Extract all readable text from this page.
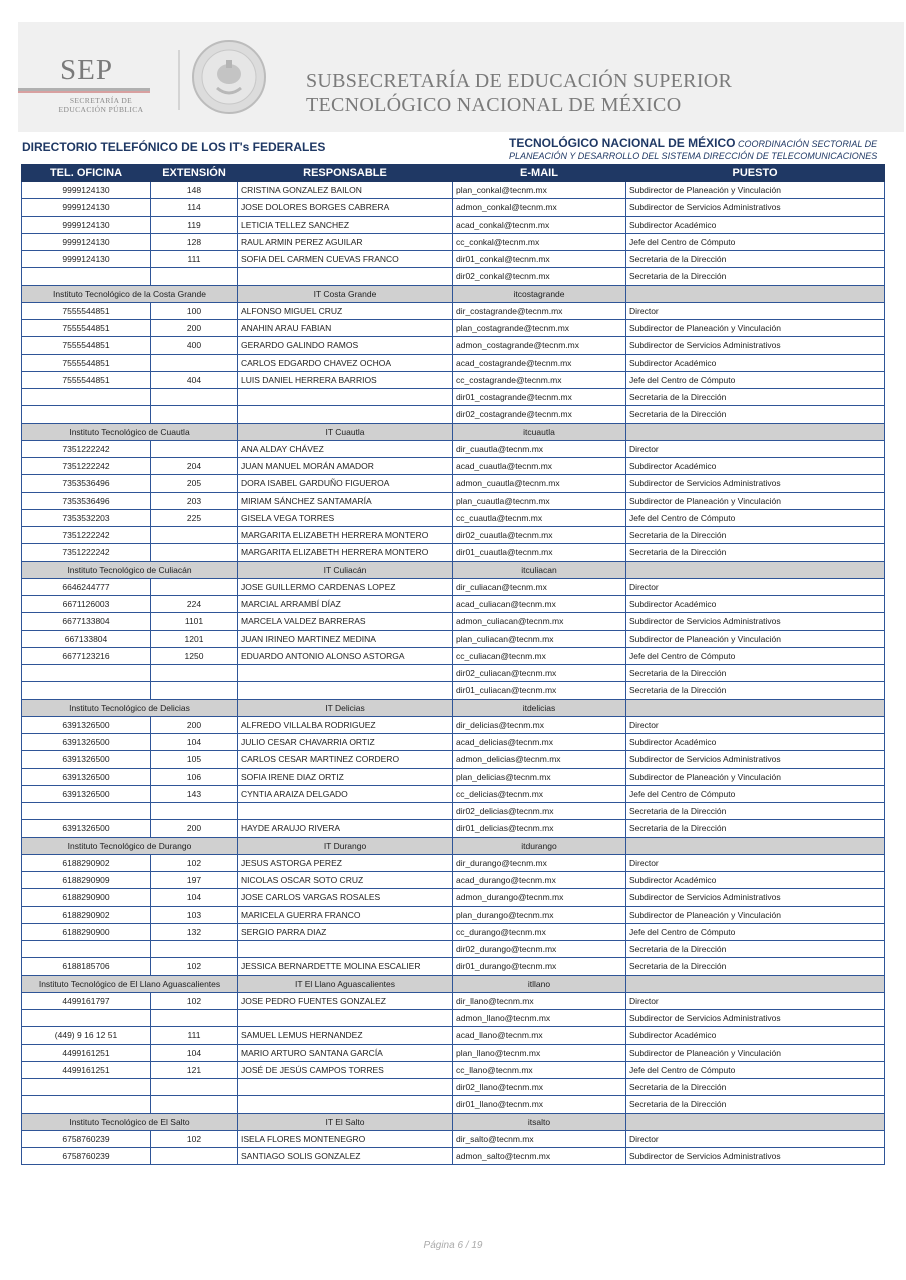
SEP
SECRETARÍA DE
EDUCACIÓN PÚBLICA
SUBSECRETARÍA DE EDUCACIÓN SUPERIOR
TECNOLÓGICO NACIONAL DE MÉXICO
DIRECTORIO TELEFÓNICO DE LOS IT's FEDERALES	TECNOLÓGICO NACIONAL DE MÉXICO COORDINACIÓN SECTORIAL DE
PLANEACIÓN Y DESARROLLO DEL SISTEMA DIRECCIÓN DE TELECOMUNICACIONES
TEL. OFICINA	EXTENSIÓN	RESPONSABLE	E-MAIL	PUESTO
9999124130	148	CRISTINA GONZALEZ BAILON	plan_conkal@tecnm.mx	Subdirector de Planeación y Vinculación
9999124130	114	JOSE DOLORES BORGES CABRERA	admon_conkal@tecnm.mx	Subdirector de Servicios Administrativos
9999124130	119	LETICIA TELLEZ SANCHEZ	acad_conkal@tecnm.mx	Subdirector Académico
9999124130	128	RAUL ARMIN PEREZ AGUILAR	cc_conkal@tecnm.mx	Jefe del Centro de Cómputo
9999124130	111	SOFIA DEL CARMEN CUEVAS FRANCO	dir01_conkal@tecnm.mx	Secretaria de la Dirección
			dir02_conkal@tecnm.mx	Secretaria de la Dirección
Instituto Tecnológico de la Costa Grande		IT Costa Grande	itcostagrande	
7555544851	100	ALFONSO MIGUEL CRUZ	dir_costagrande@tecnm.mx	Director
7555544851	200	ANAHIN ARAU FABIAN	plan_costagrande@tecnm.mx	Subdirector de Planeación y Vinculación
7555544851	400	GERARDO GALINDO RAMOS	admon_costagrande@tecnm.mx	Subdirector de Servicios Administrativos
7555544851		CARLOS EDGARDO CHAVEZ OCHOA	acad_costagrande@tecnm.mx	Subdirector Académico
7555544851	404	LUIS DANIEL HERRERA BARRIOS	cc_costagrande@tecnm.mx	Jefe del Centro de Cómputo
			dir01_costagrande@tecnm.mx	Secretaria de la Dirección
			dir02_costagrande@tecnm.mx	Secretaria de la Dirección
Instituto Tecnológico de Cuautla		IT Cuautla	itcuautla	
7351222242		ANA ALDAY CHÁVEZ	dir_cuautla@tecnm.mx	Director
7351222242	204	JUAN MANUEL MORÁN AMADOR	acad_cuautla@tecnm.mx	Subdirector Académico
7353536496	205	DORA ISABEL GARDUÑO FIGUEROA	admon_cuautla@tecnm.mx	Subdirector de Servicios Administrativos
7353536496	203	MIRIAM SÁNCHEZ SANTAMARÍA	plan_cuautla@tecnm.mx	Subdirector de Planeación y Vinculación
7353532203	225	GISELA VEGA TORRES	cc_cuautla@tecnm.mx	Jefe del Centro de Cómputo
7351222242		MARGARITA ELIZABETH HERRERA MONTERO	dir02_cuautla@tecnm.mx	Secretaria de la Dirección
7351222242		MARGARITA ELIZABETH HERRERA MONTERO	dir01_cuautla@tecnm.mx	Secretaria de la Dirección
Instituto Tecnológico de Culiacán		IT Culiacán	itculiacan	
6646244777		JOSE GUILLERMO CARDENAS LOPEZ	dir_culiacan@tecnm.mx	Director
6671126003	224	MARCIAL ARRAMBÍ DÍAZ	acad_culiacan@tecnm.mx	Subdirector Académico
6677133804	1101	MARCELA VALDEZ BARRERAS	admon_culiacan@tecnm.mx	Subdirector de Servicios Administrativos
667133804	1201	JUAN IRINEO MARTINEZ MEDINA	plan_culiacan@tecnm.mx	Subdirector de Planeación y Vinculación
6677123216	1250	EDUARDO ANTONIO ALONSO ASTORGA	cc_culiacan@tecnm.mx	Jefe del Centro de Cómputo
			dir02_culiacan@tecnm.mx	Secretaria de la Dirección
			dir01_culiacan@tecnm.mx	Secretaria de la Dirección
Instituto Tecnológico de Delicias		IT Delicias	itdelicias	
6391326500	200	ALFREDO VILLALBA RODRIGUEZ	dir_delicias@tecnm.mx	Director
6391326500	104	JULIO CESAR CHAVARRIA ORTIZ	acad_delicias@tecnm.mx	Subdirector Académico
6391326500	105	CARLOS CESAR MARTINEZ CORDERO	admon_delicias@tecnm.mx	Subdirector de Servicios Administrativos
6391326500	106	SOFIA IRENE DIAZ ORTIZ	plan_delicias@tecnm.mx	Subdirector de Planeación y Vinculación
6391326500	143	CYNTIA ARAIZA DELGADO	cc_delicias@tecnm.mx	Jefe del Centro de Cómputo
			dir02_delicias@tecnm.mx	Secretaria de la Dirección
6391326500	200	HAYDE ARAUJO RIVERA	dir01_delicias@tecnm.mx	Secretaria de la Dirección
Instituto Tecnológico de Durango		IT Durango	itdurango	
6188290902	102	JESUS ASTORGA PEREZ	dir_durango@tecnm.mx	Director
6188290909	197	NICOLAS OSCAR SOTO CRUZ	acad_durango@tecnm.mx	Subdirector Académico
6188290900	104	JOSE CARLOS VARGAS ROSALES	admon_durango@tecnm.mx	Subdirector de Servicios Administrativos
6188290902	103	MARICELA GUERRA FRANCO	plan_durango@tecnm.mx	Subdirector de Planeación y Vinculación
6188290900	132	SERGIO PARRA DIAZ	cc_durango@tecnm.mx	Jefe del Centro de Cómputo
			dir02_durango@tecnm.mx	Secretaria de la Dirección
6188185706	102	JESSICA BERNARDETTE MOLINA ESCALIER	dir01_durango@tecnm.mx	Secretaria de la Dirección
Instituto Tecnológico de El Llano Aguascalientes		IT El Llano Aguascalientes	itllano	
4499161797	102	JOSE PEDRO FUENTES GONZALEZ	dir_llano@tecnm.mx	Director
			admon_llano@tecnm.mx	Subdirector de Servicios Administrativos
(449) 9 16 12 51	111	SAMUEL LEMUS HERNANDEZ	acad_llano@tecnm.mx	Subdirector Académico
4499161251	104	MARIO ARTURO SANTANA GARCÍA	plan_llano@tecnm.mx	Subdirector de Planeación y Vinculación
4499161251	121	JOSÉ DE JESÚS CAMPOS TORRES	cc_llano@tecnm.mx	Jefe del Centro de Cómputo
			dir02_llano@tecnm.mx	Secretaria de la Dirección
			dir01_llano@tecnm.mx	Secretaria de la Dirección
Instituto Tecnológico de El Salto		IT El Salto	itsalto	
6758760239	102	ISELA FLORES MONTENEGRO	dir_salto@tecnm.mx	Director
6758760239		SANTIAGO SOLIS GONZALEZ	admon_salto@tecnm.mx	Subdirector de Servicios Administrativos
Página 6 / 19
